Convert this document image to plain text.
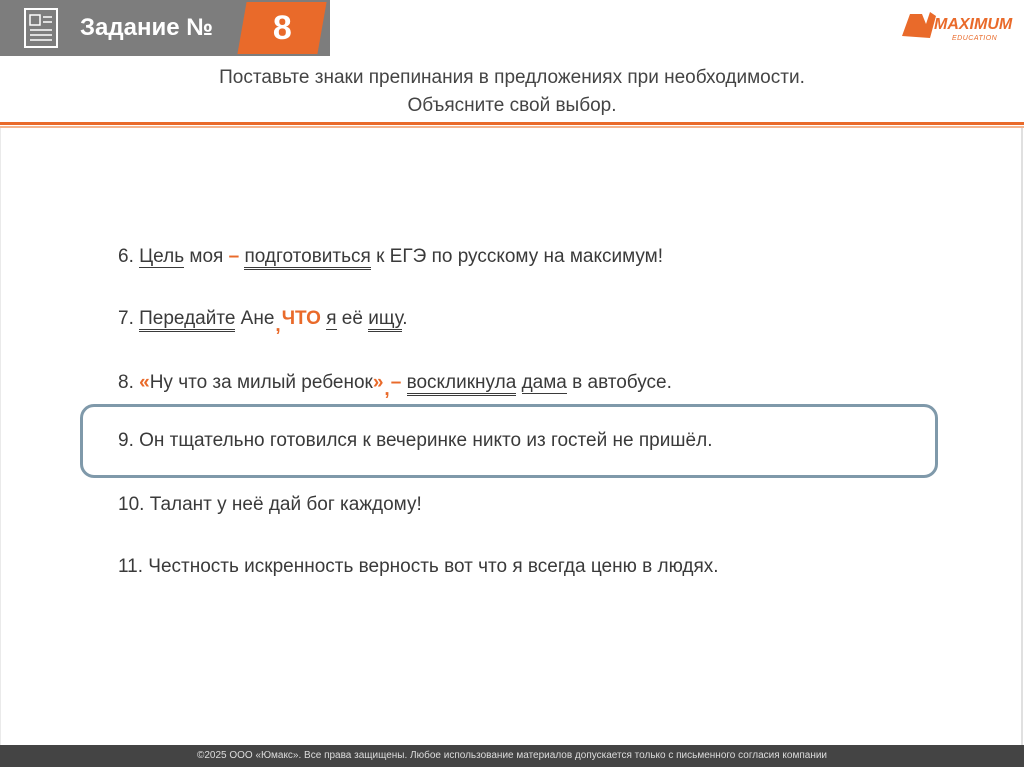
Задание № 8	MAXIMUM
EDUCATION
Поставьте знаки препинания в предложениях при необходимости.
Объясните свой выбор.
6. Цель моя – подготовиться к ЕГЭ по русскому на максимум!
7. Передайте Ане,ЧТО я её ищу.
8. «Ну что за милый ребенок»,– воскликнула дама в автобусе.
9. Он тщательно готовился к вечеринке никто из гостей не пришёл.
10. Талант у неё дай бог каждому!
11. Честность искренность верность вот что я всегда ценю в людях.
©2025 ООО «Юмакс». Все права защищены. Любое использование материалов допускается только с письменного согласия компании
